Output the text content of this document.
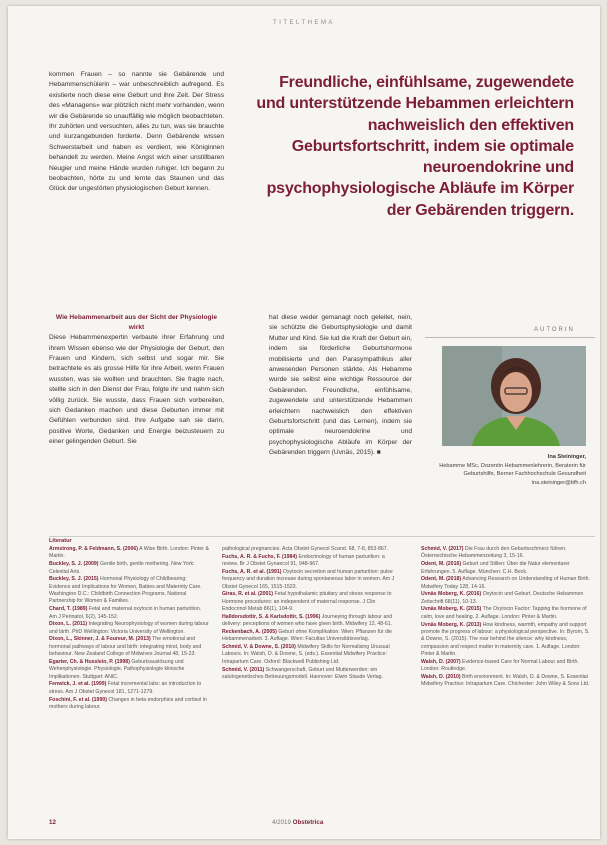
TITELTHEMA

kommen Frauen – so nannte sie Gebärende und Hebammenschülerin – war unbeschreiblich aufregend. Es existierte noch diese eine Geburt und ihre Zeit. Der Stress des «Managens» war plötzlich nicht mehr vorhanden, wenn wir die Gebärende so unauffällig wie möglich beobachteten. Ihr zuhörten und versuchten, alles zu tun, was sie brauchte und kurzangebunden forderte. Denn Gebärende wissen Schwerstarbeit und haben es verdient, wie Königinnen behandelt zu werden. Meine Angst wich einer unstillbaren Neugier und meine Hände wurden ruhiger. Ich begann zu beobachten, hörte zu und lernte das Staunen und das Glück der ungestörten physiologischen Geburt kennen.

Freundliche, einfühlsame, zugewendete und unterstützende Hebammen erleichtern nachweislich den effektiven Geburtsfortschritt, indem sie optimale neuroendokrine und psychophysiologische Abläufe im Körper der Gebärenden triggern.

Wie Hebammenarbeit aus der Sicht der Physiologie wirkt

Diese Hebammenexpertin verbaute ihrer Erfahrung und ihrem Wissen ebenso wie der Physiologie der Geburt, den Frauen und Kindern, sich selbst und sogar mir. Sie betrachtete es als grosse Hilfe für ihre Arbeit, wenn Frauen wussten, was sie wollten und brauchten. Sie fragte nach, stellte sich in den Dienst der Frau, folgte ihr und nahm sich völlig zurück. Sie wusste, dass Frauen sich vorbereiten, sich Gedanken machen und diese Geburten immer mit Gefühlen verbunden sind. Ihre Aufgabe sah sie darin, positive Worte, Gedanken und Energie beizusteuern zu einer gelingenden Geburt. Sie

hat diese weder gemanagt noch geleitet, nein, sie schützte die Geburtsphysiologie und damit Mutter und Kind. Sie lud die Kraft der Geburt ein, indem sie förderliche Geburtshormone mobilisierte und den Parasympathikus aller anwesenden Personen stärkte. Als Hebamme wurde sie selbst eine wichtige Ressource der Gebärenden. Freundliche, einfühlsame, zugewendete und unterstützende Hebammen erleichtern nachweislich den effektiven Geburtsfortschritt (und das Lernen), indem sie optimale neuroendokrine und psychophysiologische Abläufe im Körper der Gebärenden triggern (Uvnäs, 2015). ■

AUTORIN
Ina Steininger,
Hebamme MSc, Dozentin Hebammenlehrerin, Beraterin für Geburtshilfe, Berner Fachhochschule Gesundheit
ina.steininger@bfh.ch
Literatur
Armstrong, P. & Feldmann, S. (2006) A Wise Birth. London: Pinter & Martin.
Buckley, S. J. (2009) Gentle birth, gentle mothering. New York: Celestial Arts.
Buckley, S. J. (2015) Hormonal Physiology of Childbearing: Evidence and Implications for Women, Babies and Maternity Care. Washington D.C.: Childbirth Connection Programs, National Partnership for Women & Families.
Chard, T. (1989) Fetal and maternal oxytocin in human parturition. Am J Perinatol, 6(2), 145-152.
Dixon, L. (2011) Integrating Neurophysiology of women during labour and birth. PhD Wellington: Victoria University of Wellington.
Dixon, L., Skinner, J. & Foureur, M. (2013) The emotional and hormonal pathways of labour and birth: integrating mind, body and behaviour. New Zealand College of Midwives Journal 48, 15-23.
Egarter, Ch. & Husslein, P. (1998) Geburtsauslösung und Wehenphysiologie. Physiologie, Pathophysiologie klinische Implikationen. Stuttgart: ANIC.
Fenwick, J. et al. (1999) Fetal incremental labs: an introduction to stress. Am J Obstet Gynecol 181, 1271-1279.
Foschini, F. et al. (1990) Changes in beta endorphins and cortisol in mothers during labour.
pathological pregnancies. Acta Obstet Gynecol Scand. 68, 7-8, 853-867.
Fuchs, A. R. & Fuchs, F. (1984) Endocrinology of human parturition: a review. Br J Obstet Gynaecol 91, 948-967.
Fuchs, A. R. et al. (1991) Oxytocin secretion and human parturition: pulse frequency and duration increase during spontaneous labor in women. Am J Obstet Gynecol 165, 1515-1523.
Giras, R. et al. (2001) Fetal hypothalamic pituitary and stress response to Hormone procedures: an independent of maternal response. J Clin Endocrinol Metab 86(1), 104-9.
Halldorsdottir, S. & Karlsdottir, S. (1996) Journeying through labour and delivery: perceptions of women who have given birth. Midwifery 12, 48-61.
Reckenbach, A. (2005) Geburt ohne Komplikation. Wien: Pflanzen für die Hebammenarbeit. 3. Auflage. Wien: Facultas Universitätsverlag.
Schmid, V. & Downe, S. (2010) Midwifery Skills for Normalising Unusual Labours. In: Walsh, D. & Downe, S. (eds.). Essential Midwifery Practice: Intrapartum Care. Oxford: Blackwell Publishing Ltd.
Schmid, V. (2011) Schwangerschaft, Geburt und Mutterwerden: ein salutogenetisches Betreuungsmodell. Hannover: Elwin Staude Verlag.
Schmid, V. (2017) Die Frau durch den Geburtsschmerz führen. Österreichische Hebammenzeitung 3, 15-16.
Odent, M. (2016) Geburt und Stillen: Über die Natur elementarer Erfahrungen. 5. Auflage. München: C.H. Beck.
Odent, M. (2018) Advancing Research on Understanding of Human Birth. Midwifery Today 128, 14-16.
Uvnäs Moberg, K. (2016) Oxytocin und Geburt. Deutsche Hebammen Zeitschrift 68(11), 10-13.
Uvnäs Moberg, K. (2015) The Oxytocin Factor: Tapping the hormone of calm, love and healing. 2. Auflage. London: Pinter & Martin.
Uvnäs Moberg, K. (2013) How kindness, warmth, empathy and support promote the progress of labour: a physiological perspective. In: Byrom, S. & Downe, S. (2015). The roar behind the silence: why kindness, compassion and respect matter in maternity care. 1. Auflage. London: Pinter & Martin.
Walsh, D. (2007) Evidence-based Care for Normal Labour and Birth. London: Routledge.
Walsh, D. (2010) Birth environment. In: Walsh, D. & Downe, S. Essential Midwifery Practice: Intrapartum Care. Chichester: John Wiley & Sons Ltd.
12	4/2019 Obstetrica
